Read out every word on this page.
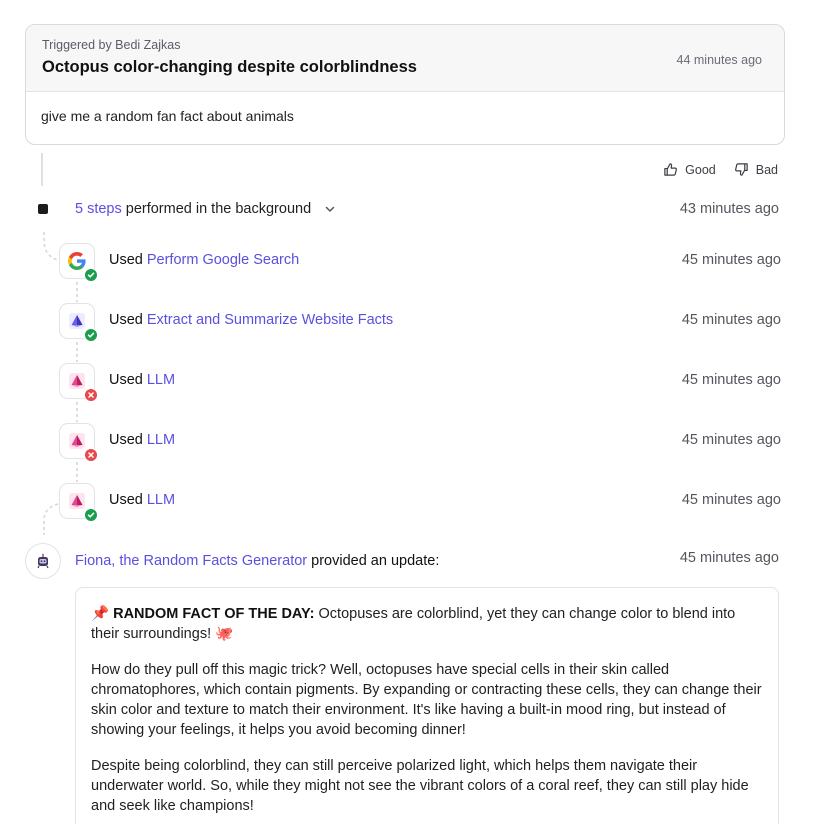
Triggered by Bedi Zajkas
Octopus color-changing despite colorblindness	44 minutes ago
give me a random fan fact about animals
Good	Bad
5 steps performed in the background	43 minutes ago
Used Perform Google Search	45 minutes ago
Used Extract and Summarize Website Facts	45 minutes ago
Used LLM	45 minutes ago
Used LLM	45 minutes ago
Used LLM	45 minutes ago
Fiona, the Random Facts Generator provided an update:	45 minutes ago

📌 RANDOM FACT OF THE DAY: Octopuses are colorblind, yet they can change color to blend into their surroundings! 🐙

How do they pull off this magic trick? Well, octopuses have special cells in their skin called chromatophores, which contain pigments. By expanding or contracting these cells, they can change their skin color and texture to match their environment. It's like having a built-in mood ring, but instead of showing your feelings, it helps you avoid becoming dinner!

Despite being colorblind, they can still perceive polarized light, which helps them navigate their underwater world. So, while they might not see the vibrant colors of a coral reef, they can still play hide and seek like champions!
